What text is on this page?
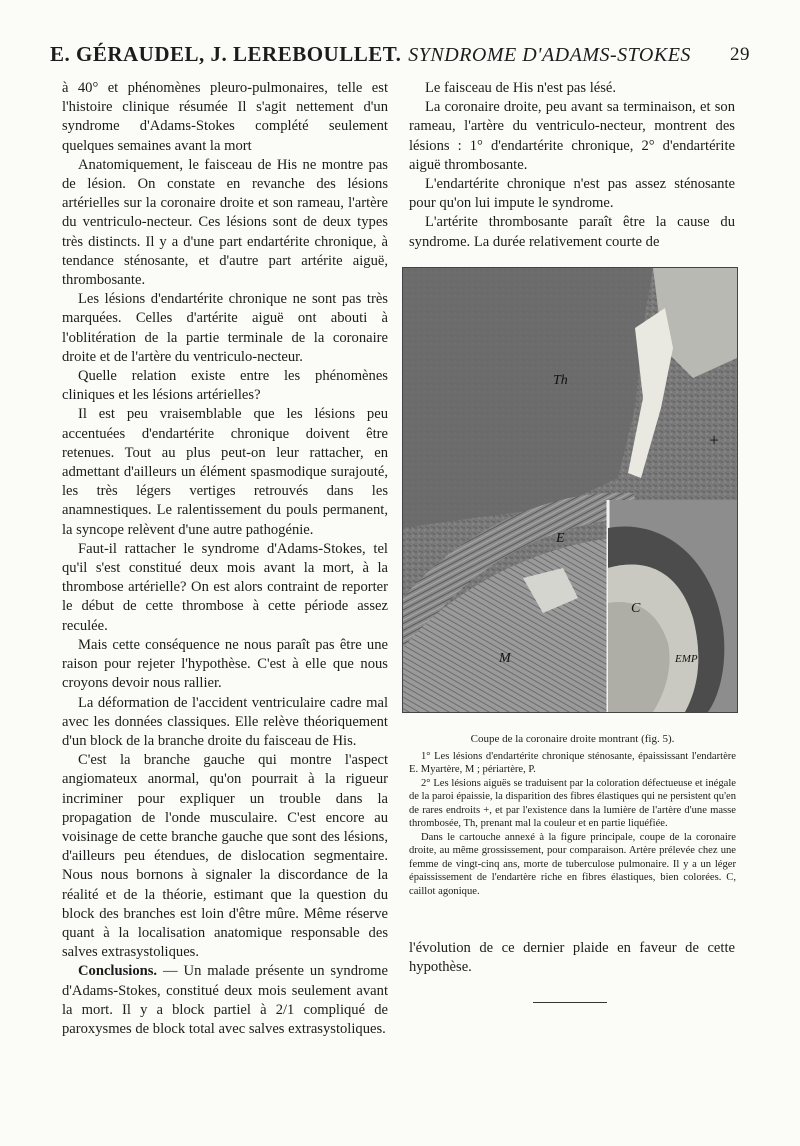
E. GÉRAUDEL, J. LEREBOULLET. SYNDROME D'ADAMS-STOKES 29

à 40° et phénomènes pleuro-pulmonaires, telle est l'histoire clinique résumée Il s'agit nettement d'un syndrome d'Adams-Stokes complété seulement quelques semaines avant la mort

Anatomiquement, le faisceau de His ne montre pas de lésion. On constate en revanche des lésions artérielles sur la coronaire droite et son rameau, l'artère du ventriculo-necteur. Ces lésions sont de deux types très distincts. Il y a d'une part endartérite chronique, à tendance sténosante, et d'autre part artérite aiguë, thrombosante.

Les lésions d'endartérite chronique ne sont pas très marquées. Celles d'artérite aiguë ont abouti à l'oblitération de la partie terminale de la coronaire droite et de l'artère du ventriculo-necteur.

Quelle relation existe entre les phénomènes cliniques et les lésions artérielles?

Il est peu vraisemblable que les lésions peu accentuées d'endartérite chronique doivent être retenues. Tout au plus peut-on leur rattacher, en admettant d'ailleurs un élément spasmodique surajouté, les très légers vertiges retrouvés dans les anamnestiques. Le ralentissement du pouls permanent, la syncope relèvent d'une autre pathogénie.

Faut-il rattacher le syndrome d'Adams-Stokes, tel qu'il s'est constitué deux mois avant la mort, à la thrombose artérielle? On est alors contraint de reporter le début de cette thrombose à cette période assez reculée.

Mais cette conséquence ne nous paraît pas être une raison pour rejeter l'hypothèse. C'est à elle que nous croyons devoir nous rallier.

La déformation de l'accident ventriculaire cadre mal avec les données classiques. Elle relève théoriquement d'un block de la branche droite du faisceau de His.

C'est la branche gauche qui montre l'aspect angiomateux anormal, qu'on pourrait à la rigueur incriminer pour expliquer un trouble dans la propagation de l'onde musculaire. C'est encore au voisinage de cette branche gauche que sont des lésions, d'ailleurs peu étendues, de dislocation segmentaire. Nous nous bornons à signaler la discordance de la réalité et de la théorie, estimant que la question du block des branches est loin d'être mûre. Même réserve quant à la localisation anatomique responsable des salves extrasystoliques.

Conclusions. — Un malade présente un syndrome d'Adams-Stokes, constitué deux mois seulement avant la mort. Il y a block partiel à 2/1 compliqué de paroxysmes de block total avec salves extrasystoliques.

Le faisceau de His n'est pas lésé.

La coronaire droite, peu avant sa terminaison, et son rameau, l'artère du ventriculo-necteur, montrent des lésions : 1° d'endartérite chronique, 2° d'endartérite aiguë thrombosante.

L'endartérite chronique n'est pas assez sténosante pour qu'on lui impute le syndrome.

L'artérite thrombosante paraît être la cause du syndrome. La durée relativement courte de

Th
+
E
M
C
EMP
Coupe de la coronaire droite montrant (fig. 5).

1° Les lésions d'endartérite chronique sténosante, épaississant l'endartère E. Myartère, M ; périartère, P.

2° Les lésions aiguës se traduisent par la coloration défectueuse et inégale de la paroi épaissie, la disparition des fibres élastiques qui ne persistent qu'en de rares endroits +, et par l'existence dans la lumière de l'artère d'une masse thrombosée, Th, prenant mal la couleur et en partie liquéfiée.

Dans le cartouche annexé à la figure principale, coupe de la coronaire droite, au même grossissement, pour comparaison. Artère prélevée chez une femme de vingt-cinq ans, morte de tuberculose pulmonaire. Il y a un léger épaississement de l'endartère riche en fibres élastiques, bien colorées. C, caillot agonique.

l'évolution de ce dernier plaide en faveur de cette hypothèse.
